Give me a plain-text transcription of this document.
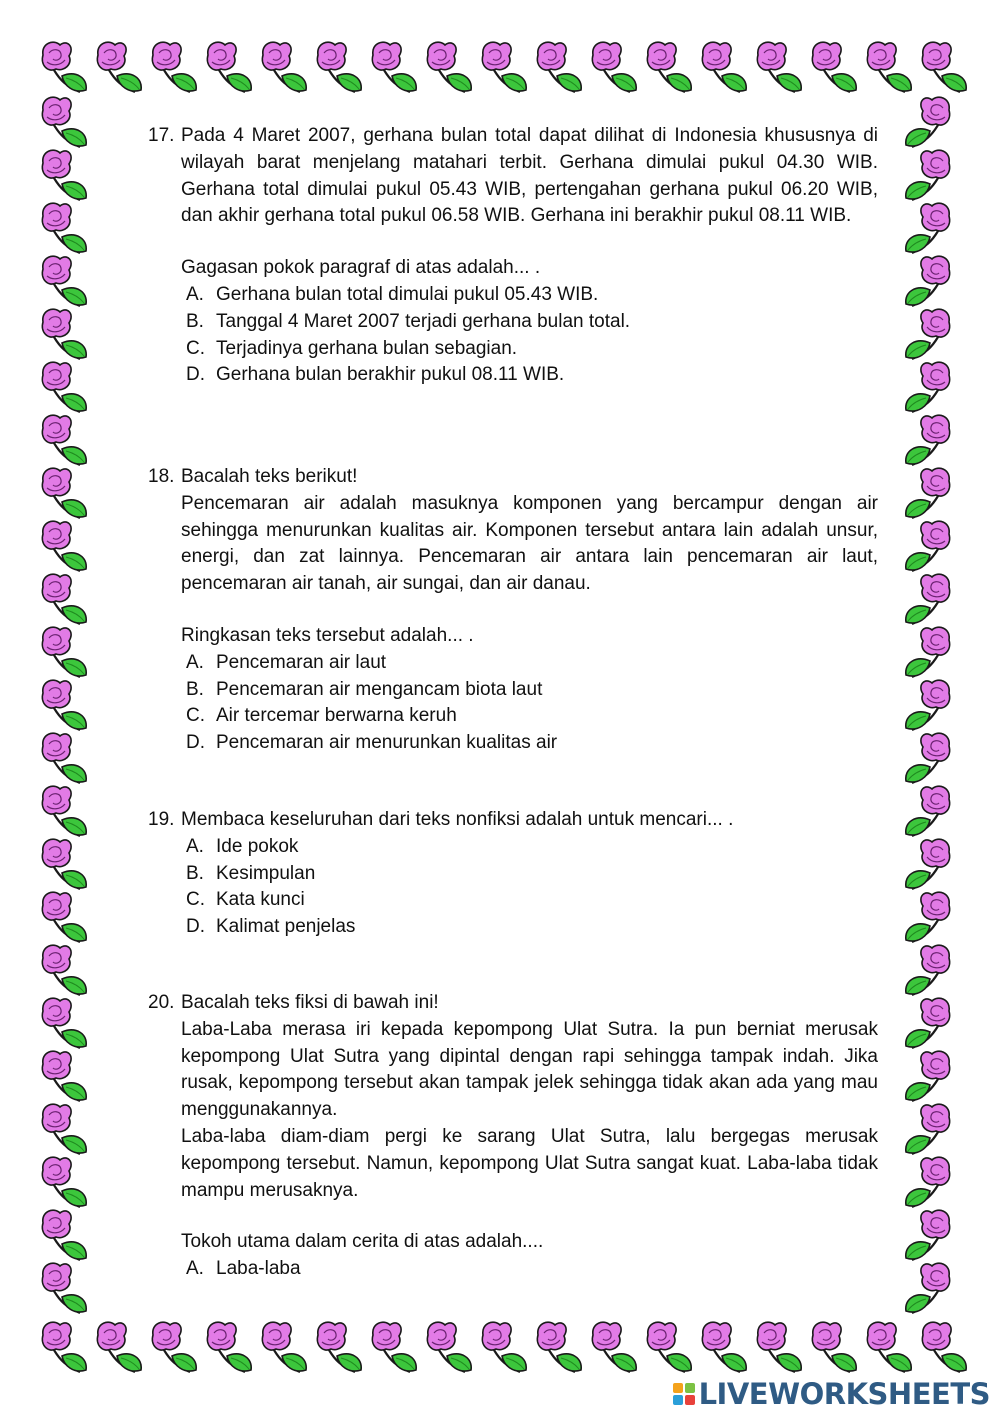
17. Pada 4 Maret 2007, gerhana bulan total dapat dilihat di Indonesia khususnya di wilayah barat menjelang matahari terbit. Gerhana dimulai pukul 04.30 WIB. Gerhana total dimulai pukul 05.43 WIB, pertengahan gerhana pukul 06.20 WIB, dan akhir gerhana total pukul 06.58 WIB. Gerhana ini berakhir pukul 08.11 WIB.

Gagasan pokok paragraf di atas adalah... .

A. Gerhana bulan total dimulai pukul 05.43 WIB.
B. Tanggal 4 Maret 2007 terjadi gerhana bulan total.
C. Terjadinya gerhana bulan sebagian.
D. Gerhana bulan berakhir pukul 08.11 WIB.
18. Bacalah teks berikut!

Pencemaran air adalah masuknya komponen yang bercampur dengan air sehingga menurunkan kualitas air. Komponen tersebut antara lain adalah unsur, energi, dan zat lainnya. Pencemaran air antara lain pencemaran air laut, pencemaran air tanah, air sungai, dan air danau.

Ringkasan teks tersebut adalah... .

A. Pencemaran air laut
B. Pencemaran air mengancam biota laut
C. Air tercemar berwarna keruh
D. Pencemaran air menurunkan kualitas air
19. Membaca keseluruhan dari teks nonfiksi adalah untuk mencari... .

A. Ide pokok
B. Kesimpulan
C. Kata kunci
D. Kalimat penjelas
20. Bacalah teks fiksi di bawah ini!

Laba-Laba merasa iri kepada kepompong Ulat Sutra. Ia pun berniat merusak kepompong Ulat Sutra yang dipintal dengan rapi sehingga tampak indah. Jika rusak, kepompong tersebut akan tampak jelek sehingga tidak akan ada yang mau menggunakannya.

Laba-laba diam-diam pergi ke sarang Ulat Sutra, lalu bergegas merusak kepompong tersebut. Namun, kepompong Ulat Sutra sangat kuat. Laba-laba tidak mampu merusaknya.

Tokoh utama dalam cerita di atas adalah....

A. Laba-laba
LIVEWORKSHEETS
